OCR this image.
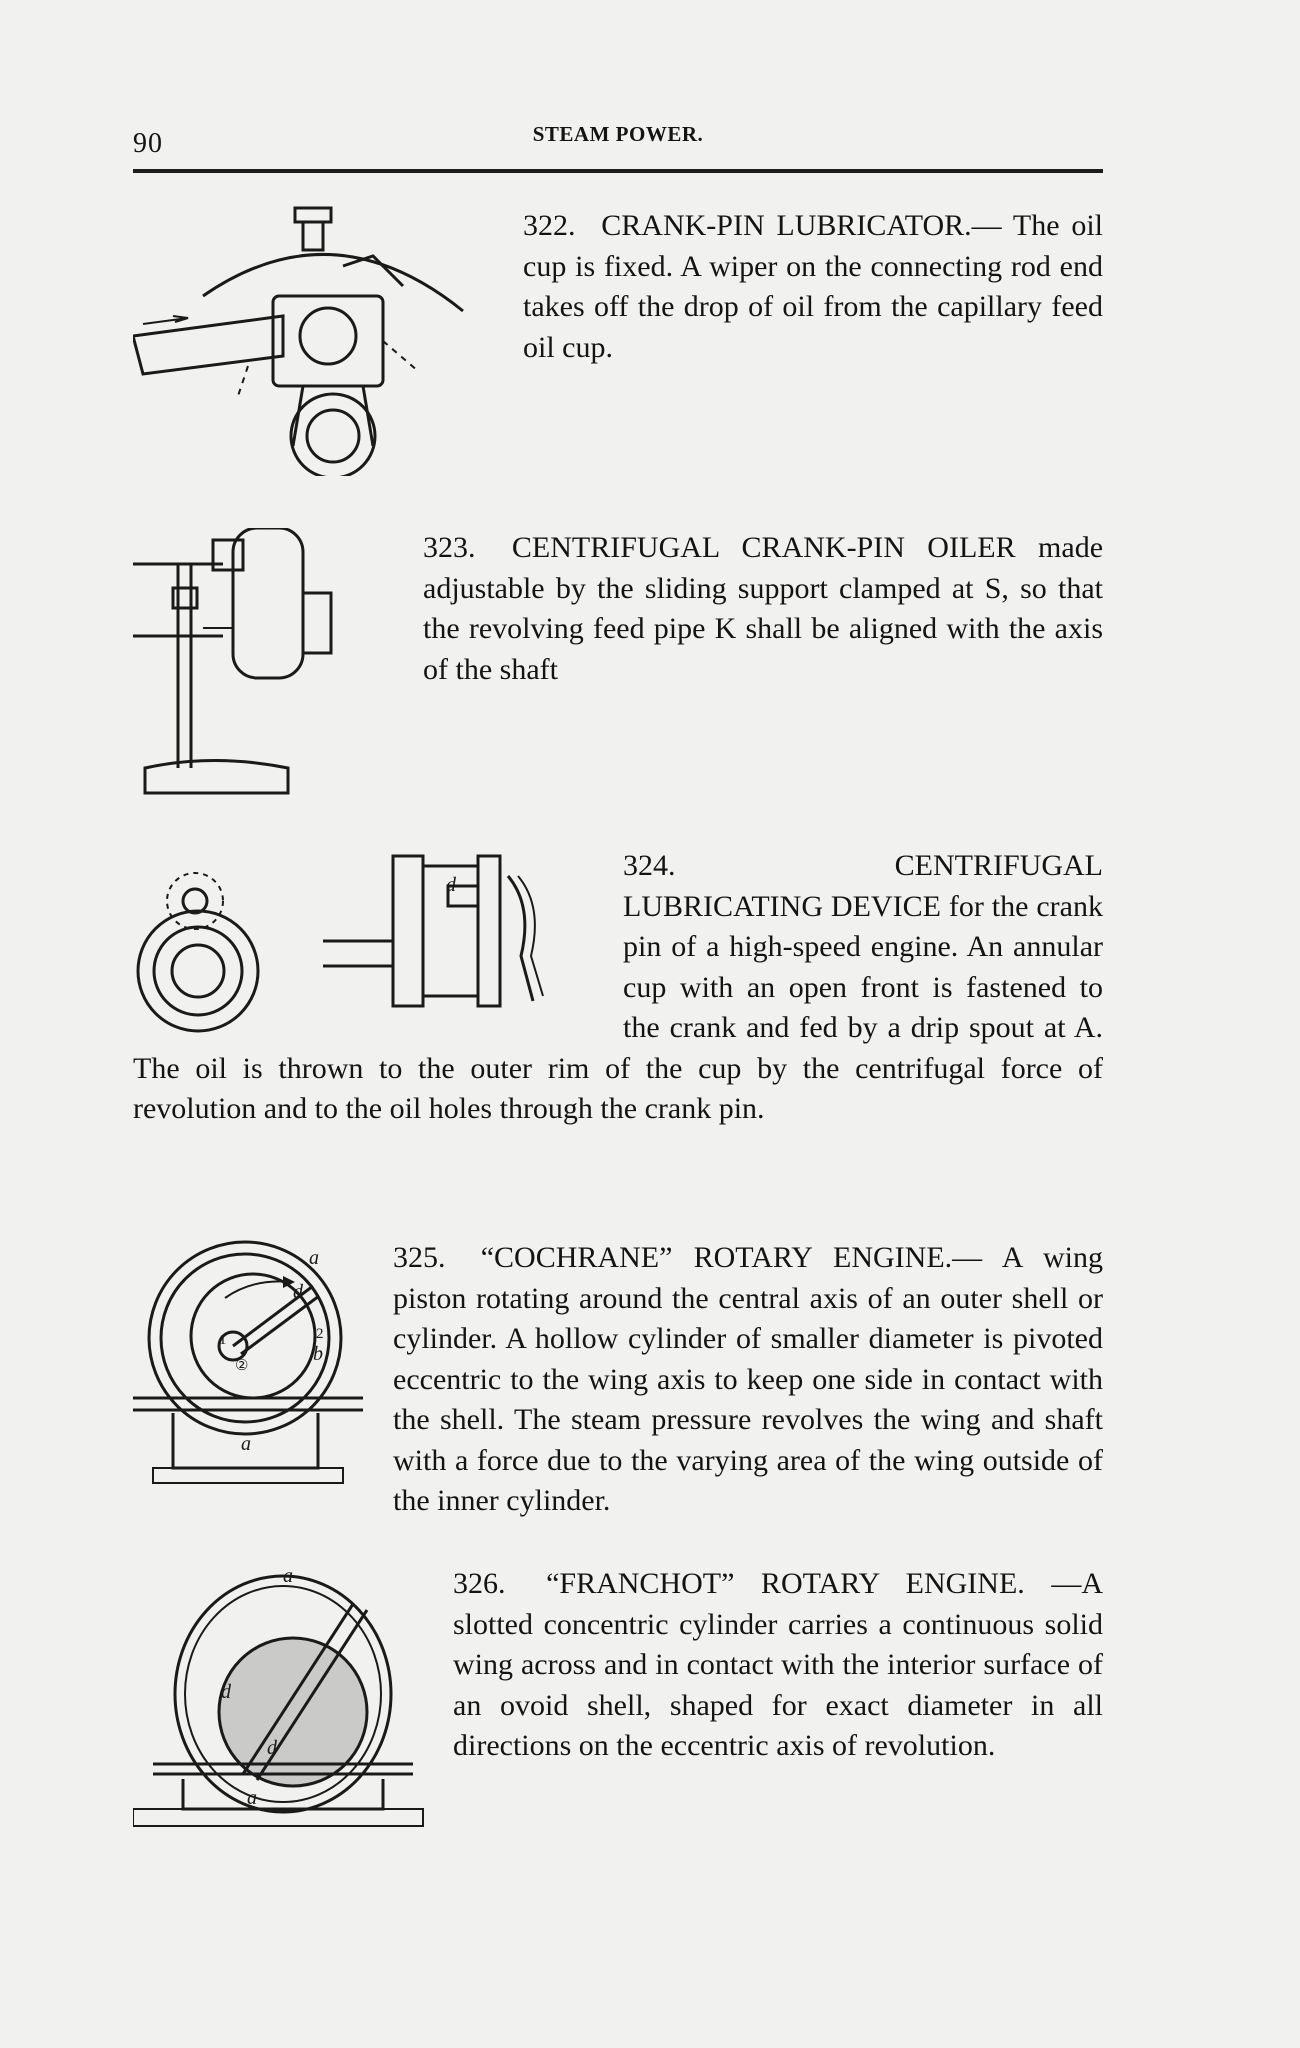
90	STEAM POWER.

322. CRANK-PIN LUBRICATOR.— The oil cup is fixed. A wiper on the connecting rod end takes off the drop of oil from the capillary feed oil cup.

323. CENTRIFUGAL CRANK-PIN OILER made adjustable by the sliding support clamped at S, so that the revolving feed pipe K shall be aligned with the axis of the shaft

d

324.	CENTRIFUGAL LUBRICATING DEVICE for the crank pin of a high-speed engine. An annular cup with an open front is fastened to the crank and fed by a drip spout at A. The oil is thrown to the outer rim of the cup by the centrifugal force of revolution and to the oil holes through the crank pin.

a
d
b
1	2
②
a

325. “COCHRANE” ROTARY ENGINE.— A wing piston rotating around the central axis of an outer shell or cylinder. A hollow cylinder of smaller diameter is pivoted eccentric to the wing axis to keep one side in contact with the shell. The steam pressure revolves the wing and shaft with a force due to the varying area of the wing outside of the inner cylinder.

a
d
d
a

326. “FRANCHOT” ROTARY ENGINE. —A slotted concentric cylinder carries a continuous solid wing across and in contact with the interior surface of an ovoid shell, shaped for exact diameter in all directions on the eccentric axis of revolution.
